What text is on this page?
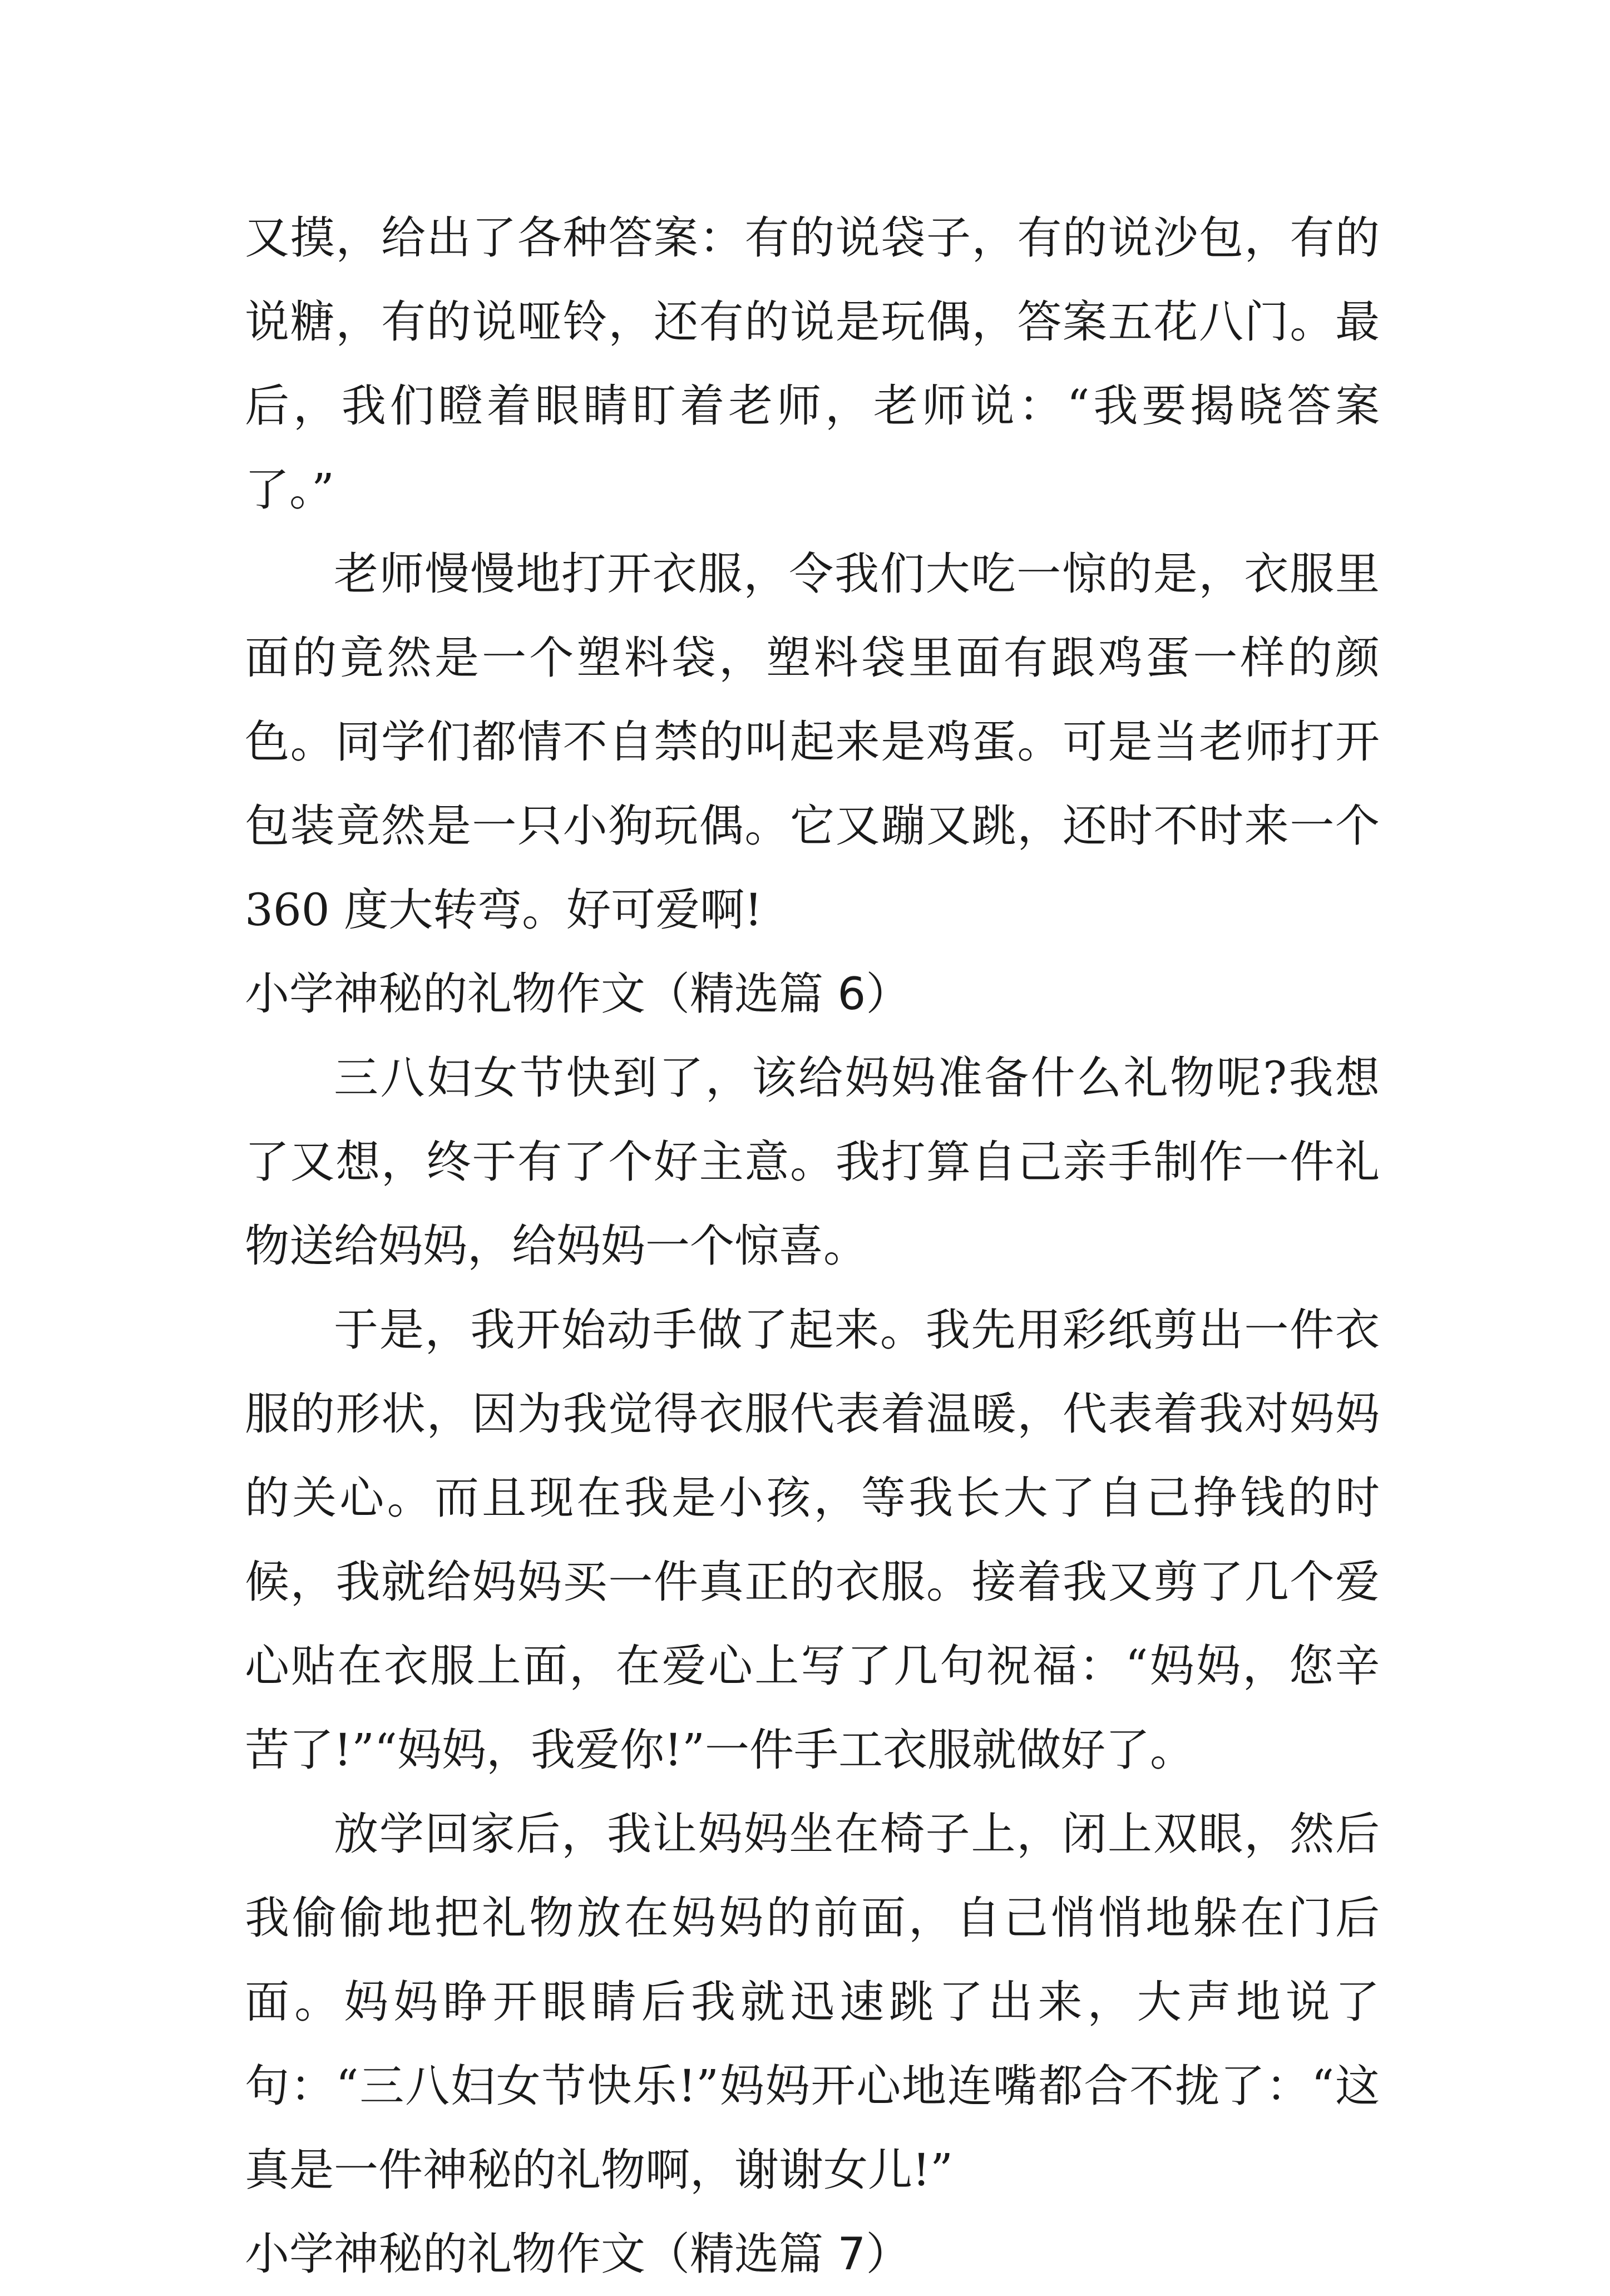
又摸，给出了各种答案：有的说袋子，有的说沙包，有的说糖，有的说哑铃，还有的说是玩偶，答案五花八门。最后，我们瞪着眼睛盯着老师，老师说：“我要揭晓答案了。”

老师慢慢地打开衣服，令我们大吃一惊的是，衣服里面的竟然是一个塑料袋，塑料袋里面有跟鸡蛋一样的颜色。同学们都情不自禁的叫起来是鸡蛋。可是当老师打开包装竟然是一只小狗玩偶。它又蹦又跳，还时不时来一个 360 度大转弯。好可爱啊!

小学神秘的礼物作文（精选篇 6）

三八妇女节快到了，该给妈妈准备什么礼物呢?我想了又想，终于有了个好主意。我打算自己亲手制作一件礼物送给妈妈，给妈妈一个惊喜。

于是，我开始动手做了起来。我先用彩纸剪出一件衣服的形状，因为我觉得衣服代表着温暖，代表着我对妈妈的关心。而且现在我是小孩，等我长大了自己挣钱的时候，我就给妈妈买一件真正的衣服。接着我又剪了几个爱心贴在衣服上面，在爱心上写了几句祝福：“妈妈，您辛苦了!”“妈妈，我爱你!”一件手工衣服就做好了。

放学回家后，我让妈妈坐在椅子上，闭上双眼，然后我偷偷地把礼物放在妈妈的前面，自己悄悄地躲在门后面。妈妈睁开眼睛后我就迅速跳了出来，大声地说了句：“三八妇女节快乐!”妈妈开心地连嘴都合不拢了：“这真是一件神秘的礼物啊，谢谢女儿!”

小学神秘的礼物作文（精选篇 7）
